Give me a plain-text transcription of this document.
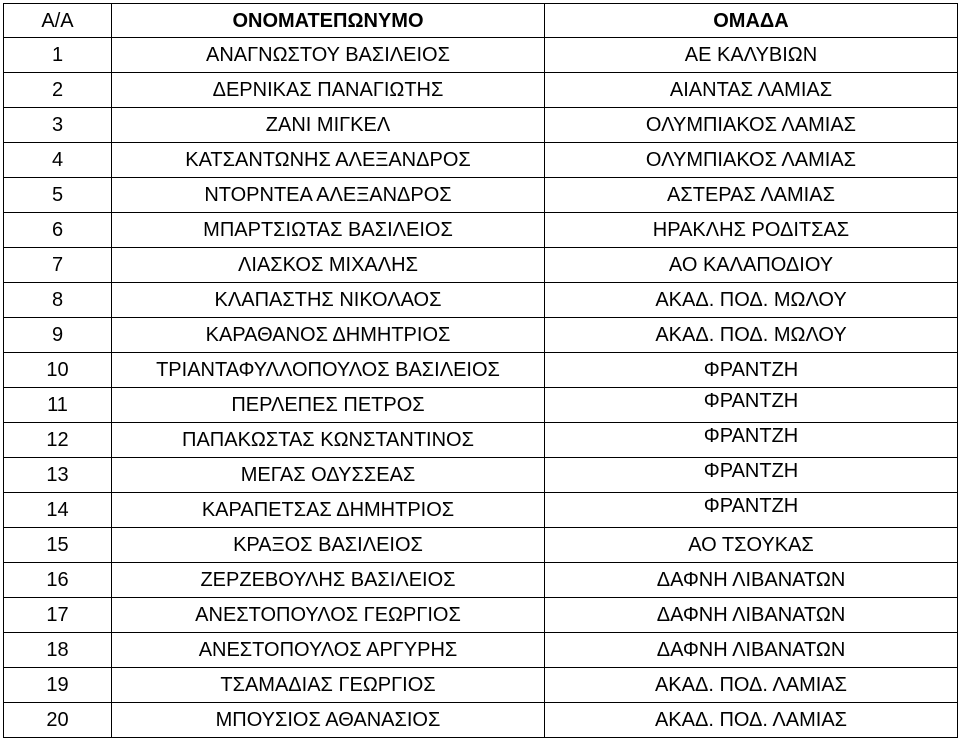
Α/Α	ΟΝΟΜΑΤΕΠΩΝΥΜΟ	ΟΜΑΔΑ
1	ΑΝΑΓΝΩΣΤΟΥ ΒΑΣΙΛΕΙΟΣ	ΑΕ ΚΑΛΥΒΙΩΝ
2	ΔΕΡΝΙΚΑΣ ΠΑΝΑΓΙΩΤΗΣ	ΑΙΑΝΤΑΣ ΛΑΜΙΑΣ
3	ΖΑΝΙ ΜΙΓΚΕΛ	ΟΛΥΜΠΙΑΚΟΣ ΛΑΜΙΑΣ
4	ΚΑΤΣΑΝΤΩΝΗΣ ΑΛΕΞΑΝΔΡΟΣ	ΟΛΥΜΠΙΑΚΟΣ ΛΑΜΙΑΣ
5	ΝΤΟΡΝΤΕΑ ΑΛΕΞΑΝΔΡΟΣ	ΑΣΤΕΡΑΣ ΛΑΜΙΑΣ
6	ΜΠΑΡΤΣΙΩΤΑΣ ΒΑΣΙΛΕΙΟΣ	ΗΡΑΚΛΗΣ ΡΟΔΙΤΣΑΣ
7	ΛΙΑΣΚΟΣ ΜΙΧΑΛΗΣ	ΑΟ ΚΑΛΑΠΟΔΙΟΥ
8	ΚΛΑΠΑΣΤΗΣ ΝΙΚΟΛΑΟΣ	ΑΚΑΔ. ΠΟΔ. ΜΩΛΟΥ
9	ΚΑΡΑΘΑΝΟΣ ΔΗΜΗΤΡΙΟΣ	ΑΚΑΔ. ΠΟΔ. ΜΩΛΟΥ
10	ΤΡΙΑΝΤΑΦΥΛΛΟΠΟΥΛΟΣ ΒΑΣΙΛΕΙΟΣ	ΦΡΑΝΤΖΗ
11	ΠΕΡΛΕΠΕΣ ΠΕΤΡΟΣ	ΦΡΑΝΤΖΗ
12	ΠΑΠΑΚΩΣΤΑΣ ΚΩΝΣΤΑΝΤΙΝΟΣ	ΦΡΑΝΤΖΗ
13	ΜΕΓΑΣ ΟΔΥΣΣΕΑΣ	ΦΡΑΝΤΖΗ
14	ΚΑΡΑΠΕΤΣΑΣ ΔΗΜΗΤΡΙΟΣ	ΦΡΑΝΤΖΗ
15	ΚΡΑΞΟΣ ΒΑΣΙΛΕΙΟΣ	ΑΟ ΤΣΟΥΚΑΣ
16	ΖΕΡΖΕΒΟΥΛΗΣ ΒΑΣΙΛΕΙΟΣ	ΔΑΦΝΗ ΛΙΒΑΝΑΤΩΝ
17	ΑΝΕΣΤΟΠΟΥΛΟΣ ΓΕΩΡΓΙΟΣ	ΔΑΦΝΗ ΛΙΒΑΝΑΤΩΝ
18	ΑΝΕΣΤΟΠΟΥΛΟΣ ΑΡΓΥΡΗΣ	ΔΑΦΝΗ ΛΙΒΑΝΑΤΩΝ
19	ΤΣΑΜΑΔΙΑΣ ΓΕΩΡΓΙΟΣ	ΑΚΑΔ. ΠΟΔ. ΛΑΜΙΑΣ
20	ΜΠΟΥΣΙΟΣ ΑΘΑΝΑΣΙΟΣ	ΑΚΑΔ. ΠΟΔ. ΛΑΜΙΑΣ
